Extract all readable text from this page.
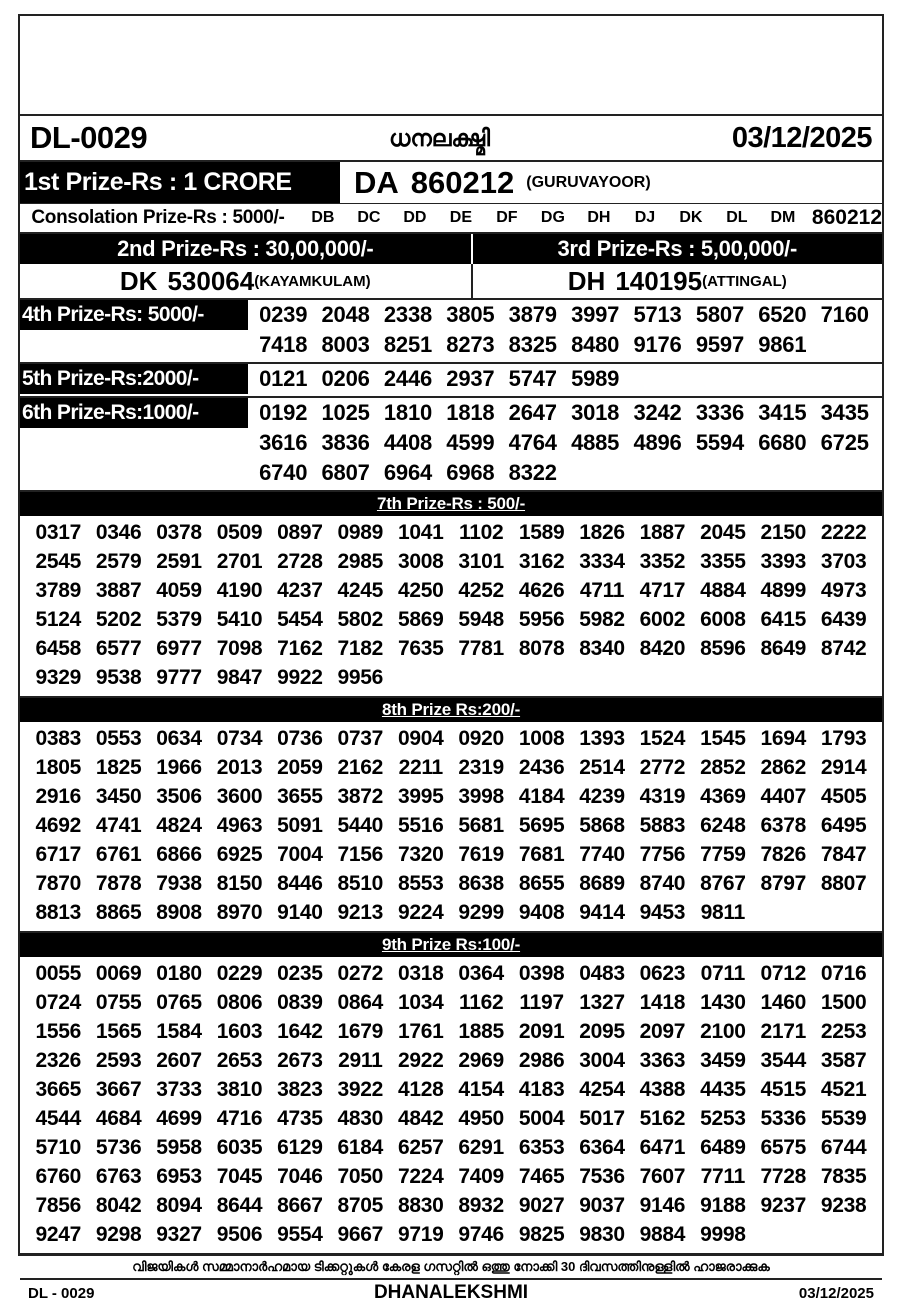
DL-0029	ധനലക്ഷ്മി	03/12/2025
1st Prize-Rs : 1 CRORE	DA 860212 (GURUVAYOOR)
Consolation Prize-Rs : 5000/-	DB	DC	DD	DE	DF	DG	DH	DJ	DK	DL	DM 860212
2nd Prize-Rs : 30,00,000/-	3rd Prize-Rs : 5,00,000/-
DK 530064 (KAYAMKULAM)	DH 140195 (ATTINGAL)
4th Prize-Rs: 5000/-	0239 2048 2338 3805 3879 3997 5713 5807 6520 7160
7418 8003 8251 8273 8325 8480 9176 9597 9861
5th Prize-Rs:2000/-	0121 0206 2446 2937 5747 5989
6th Prize-Rs:1000/-	0192 1025 1810 1818 2647 3018 3242 3336 3415 3435
3616 3836 4408 4599 4764 4885 4896 5594 6680 6725
6740 6807 6964 6968 8322
7th Prize-Rs : 500/-
0317 0346 0378 0509 0897 0989 1041 1102 1589 1826 1887 2045 2150 2222
2545 2579 2591 2701 2728 2985 3008 3101 3162 3334 3352 3355 3393 3703
3789 3887 4059 4190 4237 4245 4250 4252 4626 4711 4717 4884 4899 4973
5124 5202 5379 5410 5454 5802 5869 5948 5956 5982 6002 6008 6415 6439
6458 6577 6977 7098 7162 7182 7635 7781 8078 8340 8420 8596 8649 8742
9329 9538 9777 9847 9922 9956
8th Prize Rs:200/-
0383 0553 0634 0734 0736 0737 0904 0920 1008 1393 1524 1545 1694 1793
1805 1825 1966 2013 2059 2162 2211 2319 2436 2514 2772 2852 2862 2914
2916 3450 3506 3600 3655 3872 3995 3998 4184 4239 4319 4369 4407 4505
4692 4741 4824 4963 5091 5440 5516 5681 5695 5868 5883 6248 6378 6495
6717 6761 6866 6925 7004 7156 7320 7619 7681 7740 7756 7759 7826 7847
7870 7878 7938 8150 8446 8510 8553 8638 8655 8689 8740 8767 8797 8807
8813 8865 8908 8970 9140 9213 9224 9299 9408 9414 9453 9811
9th Prize Rs:100/-
0055 0069 0180 0229 0235 0272 0318 0364 0398 0483 0623 0711 0712 0716
0724 0755 0765 0806 0839 0864 1034 1162 1197 1327 1418 1430 1460 1500
1556 1565 1584 1603 1642 1679 1761 1885 2091 2095 2097 2100 2171 2253
2326 2593 2607 2653 2673 2911 2922 2969 2986 3004 3363 3459 3544 3587
3665 3667 3733 3810 3823 3922 4128 4154 4183 4254 4388 4435 4515 4521
4544 4684 4699 4716 4735 4830 4842 4950 5004 5017 5162 5253 5336 5539
5710 5736 5958 6035 6129 6184 6257 6291 6353 6364 6471 6489 6575 6744
6760 6763 6953 7045 7046 7050 7224 7409 7465 7536 7607 7711 7728 7835
7856 8042 8094 8644 8667 8705 8830 8932 9027 9037 9146 9188 9237 9238
9247 9298 9327 9506 9554 9667 9719 9746 9825 9830 9884 9998
വിജയികൾ സമ്മാനാർഹമായ ടിക്കറ്റുകൾ കേരള ഗസറ്റിൽ ഒത്തു നോക്കി 30 ദിവസത്തിനുള്ളിൽ ഹാജരാക്കുക
DL - 0029	DHANALEKSHMI	03/12/2025
